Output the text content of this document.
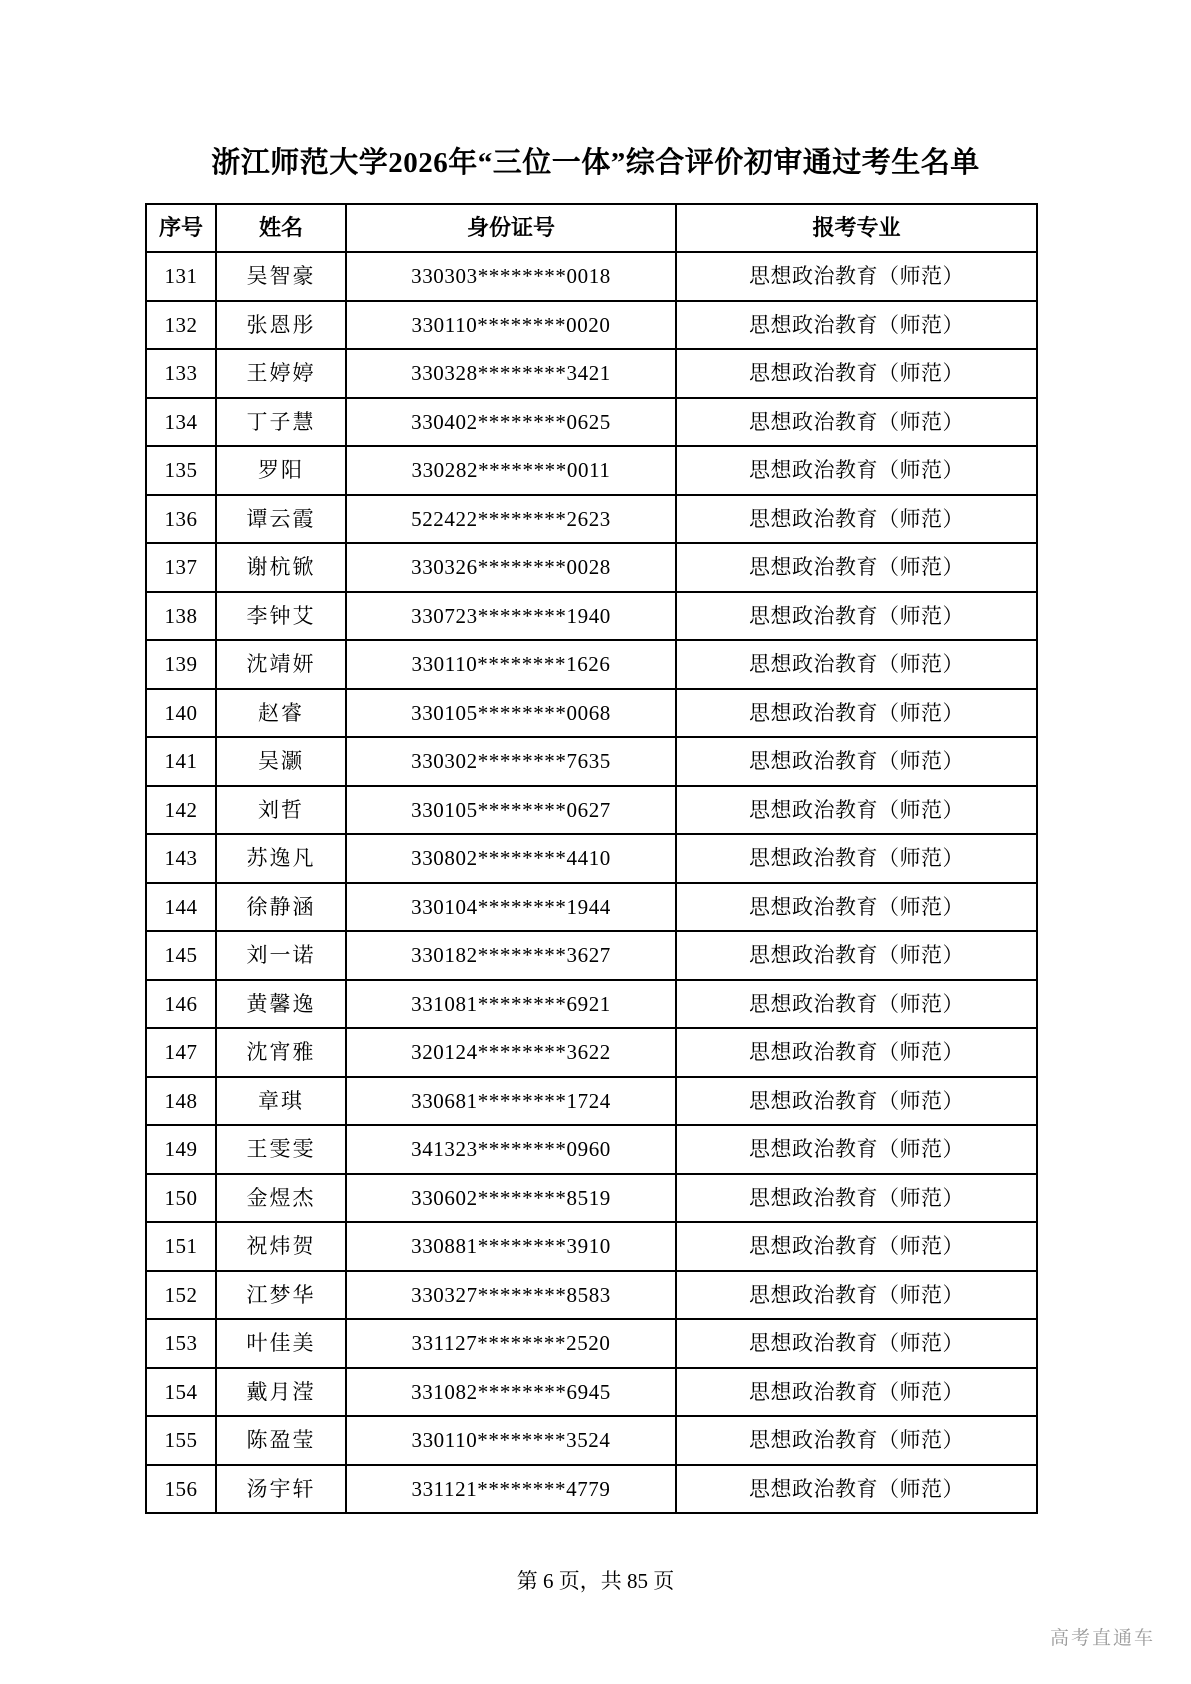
浙江师范大学2026年“三位一体”综合评价初审通过考生名单
序号	姓名	身份证号	报考专业
131	吴智豪	330303********0018	思想政治教育（师范）
132	张恩彤	330110********0020	思想政治教育（师范）
133	王婷婷	330328********3421	思想政治教育（师范）
134	丁子慧	330402********0625	思想政治教育（师范）
135	罗阳	330282********0011	思想政治教育（师范）
136	谭云霞	522422********2623	思想政治教育（师范）
137	谢杭锨	330326********0028	思想政治教育（师范）
138	李钟艾	330723********1940	思想政治教育（师范）
139	沈靖妍	330110********1626	思想政治教育（师范）
140	赵睿	330105********0068	思想政治教育（师范）
141	吴灏	330302********7635	思想政治教育（师范）
142	刘哲	330105********0627	思想政治教育（师范）
143	苏逸凡	330802********4410	思想政治教育（师范）
144	徐静涵	330104********1944	思想政治教育（师范）
145	刘一诺	330182********3627	思想政治教育（师范）
146	黄馨逸	331081********6921	思想政治教育（师范）
147	沈宵雅	320124********3622	思想政治教育（师范）
148	章琪	330681********1724	思想政治教育（师范）
149	王雯雯	341323********0960	思想政治教育（师范）
150	金煜杰	330602********8519	思想政治教育（师范）
151	祝炜贺	330881********3910	思想政治教育（师范）
152	江梦华	330327********8583	思想政治教育（师范）
153	叶佳美	331127********2520	思想政治教育（师范）
154	戴月滢	331082********6945	思想政治教育（师范）
155	陈盈莹	330110********3524	思想政治教育（师范）
156	汤宇轩	331121********4779	思想政治教育（师范）
第 6 页，共 85 页
高考直通车
